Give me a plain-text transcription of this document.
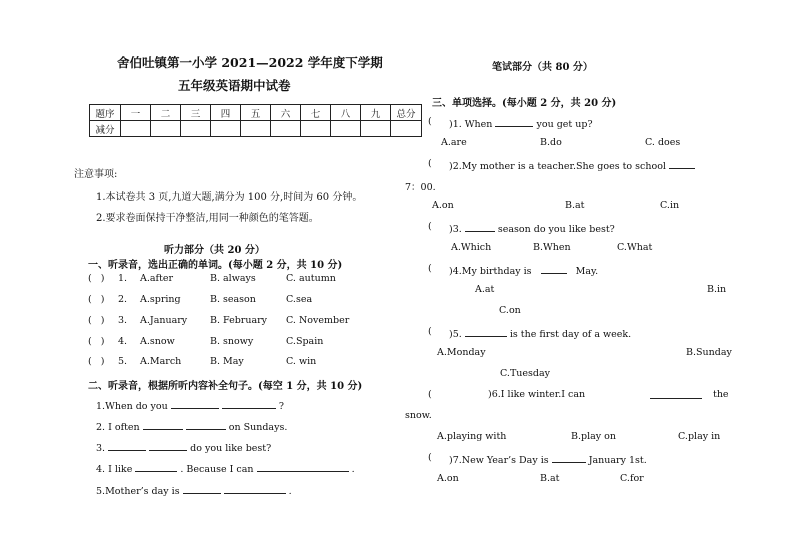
舍伯吐镇第一小学 2021—2022 学年度下学期
五年级英语期中试卷
题序	一	二	三	四	五	六	七	八	九	总分
减分										
注意事项:
1.本试卷共 3 页,九道大题,满分为 100 分,时间为 60 分钟。
2.要求卷面保持干净整洁,用同一种颜色的笔答题。
听力部分（共 20 分）
一、听录音，选出正确的单词。(每小题 2 分，共 10 分)
(   ) 1. A.after	B. always	C. autumn
(   ) 2. A.spring	B. season	C.sea
(   ) 3. A.January B. February C. November
(   ) 4. A.snow	B. snowy	C.Spain
(   ) 5. A.March	B. May	C. win
二、听录音，根据所听内容补全句子。(每空 1 分，共 10 分)
1.When do you	?
2. I often	on Sundays.
3.	do you like best?
4. I like	. Because I can	.
5.Mother’s day is	.
笔试部分（共 80 分）
三、单项选择。(每小题 2 分，共 20 分)
( )1. When	you get up?
A.are	B.do	C. does
( )2.My mother is a teacher.She goes to school
7：00.
A.on	B.at	C.in
( )3.	season do you like best?
A.Which	B.When	C.What
( )4.My birthday is	May.
A.at	B.in
C.on
( )5.	is the first day of a week.
A.Monday	B.Sunday
C.Tuesday
(	)6.I like winter.I can	the
snow.
A.playing with	B.play on	C.play in
( )7.New Year’s Day is	January 1st.
A.on	B.at	C.for
